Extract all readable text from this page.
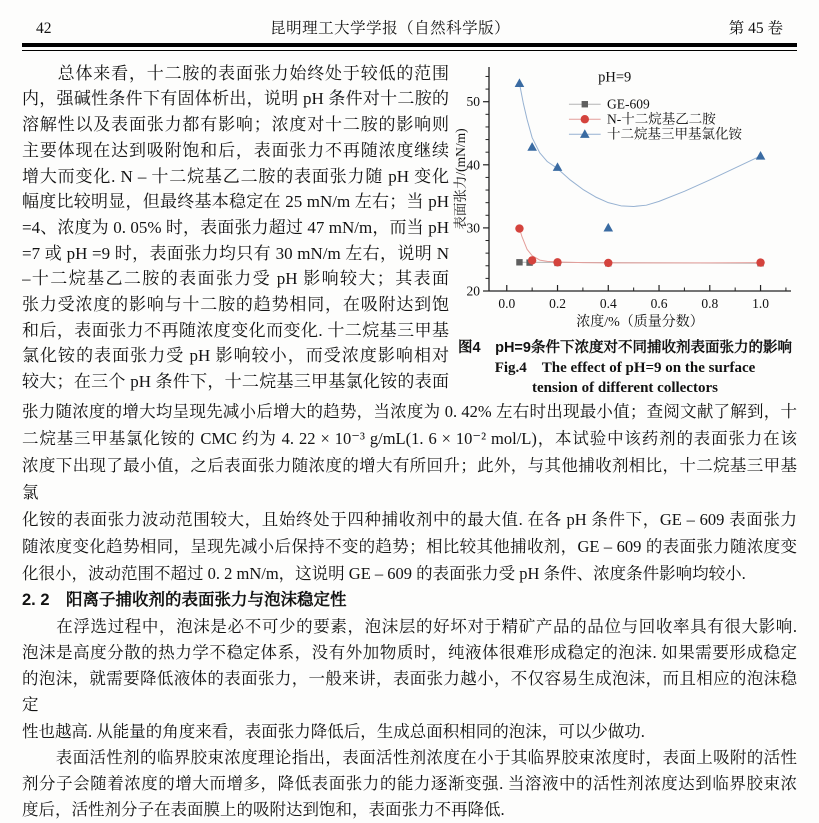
42	昆明理工大学学报（自然科学版）	第 45 卷
　　总体来看，十二胺的表面张力始终处于较低的范围
内，强碱性条件下有固体析出，说明 pH 条件对十二胺的
溶解性以及表面张力都有影响；浓度对十二胺的影响则
主要体现在达到吸附饱和后，表面张力不再随浓度继续
增大而变化. N – 十二烷基乙二胺的表面张力随 pH 变化
幅度比较明显，但最终基本稳定在 25 mN/m 左右；当 pH
=4、浓度为 0. 05% 时，表面张力超过 47 mN/m，而当 pH
=7 或 pH =9 时，表面张力均只有 30 mN/m 左右，说明 N
–十二烷基乙二胺的表面张力受 pH 影响较大；其表面
张力受浓度的影响与十二胺的趋势相同，在吸附达到饱
和后，表面张力不再随浓度变化而变化. 十二烷基三甲基
氯化铵的表面张力受 pH 影响较小，而受浓度影响相对
较大；在三个 pH 条件下，十二烷基三甲基氯化铵的表面
20
30
40
50
0.0	0.2	0.4	0.6	0.8	1.0
浓度/%（质量分数）
表面张力/(mN/m)
pH=9
GE-609
N-十二烷基乙二胺
十二烷基三甲基氯化铵
图4　pH=9条件下浓度对不同捕收剂表面张力的影响
Fig.4　The effect of pH=9 on the surface
tension of different collectors
张力随浓度的增大均呈现先减小后增大的趋势，当浓度为 0. 42% 左右时出现最小值；查阅文献了解到，十
二烷基三甲基氯化铵的 CMC 约为 4. 22 × 10⁻³ g/mL(1. 6 × 10⁻² mol/L)，本试验中该药剂的表面张力在该
浓度下出现了最小值，之后表面张力随浓度的增大有所回升；此外，与其他捕收剂相比，十二烷基三甲基氯
化铵的表面张力波动范围较大，且始终处于四种捕收剂中的最大值. 在各 pH 条件下，GE – 609 表面张力
随浓度变化趋势相同，呈现先减小后保持不变的趋势；相比较其他捕收剂，GE – 609 的表面张力随浓度变
化很小，波动范围不超过 0. 2 mN/m，这说明 GE – 609 的表面张力受 pH 条件、浓度条件影响均较小.
2. 2　阳离子捕收剂的表面张力与泡沫稳定性
　　在浮选过程中，泡沫是必不可少的要素，泡沫层的好坏对于精矿产品的品位与回收率具有很大影响.
泡沫是高度分散的热力学不稳定体系，没有外加物质时，纯液体很难形成稳定的泡沫. 如果需要形成稳定
的泡沫，就需要降低液体的表面张力，一般来讲，表面张力越小，不仅容易生成泡沫，而且相应的泡沫稳定
性也越高. 从能量的角度来看，表面张力降低后，生成总面积相同的泡沫，可以少做功.
　　表面活性剂的临界胶束浓度理论指出，表面活性剂浓度在小于其临界胶束浓度时，表面上吸附的活性
剂分子会随着浓度的增大而增多，降低表面张力的能力逐渐变强. 当溶液中的活性剂浓度达到临界胶束浓
度后，活性剂分子在表面膜上的吸附达到饱和，表面张力不再降低.
